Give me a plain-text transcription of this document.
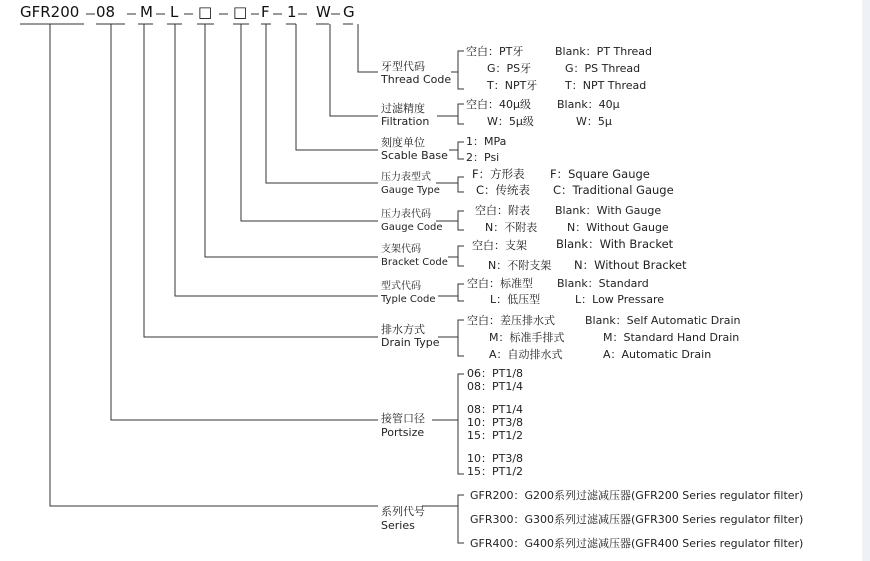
GFR200 08 M L □ □ F 1 W G
牙型代码
Thread Code
空白：PT牙	Blank：PT Thread
G：PS牙	G：PS Thread
T：NPT牙	T：NPT Thread
过滤精度
Filtration
空白：40μ级 Blank：40μ
W：5μ级	W：5μ
刻度单位
Scable Base
1：MPa
2：Psi
压力表型式
Gauge Type
F：方形表 F：Square Gauge
C：传统表 C：Traditional Gauge
压力表代码
Gauge Code
空白：附表 Blank：With Gauge
N：不附表	N：Without Gauge
支架代码
Bracket Code
空白：支架	Blank：With Bracket
N：不附支架 N：Without Bracket
型式代码
Typle Code
空白：标准型 Blank：Standard
L：低压型	L：Low Pressare
排水方式
Drain Type
空白：差压排水式	Blank：Self Automatic Drain
M：标准手排式	M：Standard Hand Drain
A：自动排水式	A：Automatic Drain
接管口径
Portsize
06：PT1/8
08：PT1/4
08：PT1/4
10：PT3/8
15：PT1/2
10：PT3/8
15：PT1/2
系列代号
Series
GFR200：G200系列过滤减压器(GFR200 Series regulator filter)
GFR300：G300系列过滤减压器(GFR300 Series regulator filter)
GFR400：G400系列过滤减压器(GFR400 Series regulator filter)
